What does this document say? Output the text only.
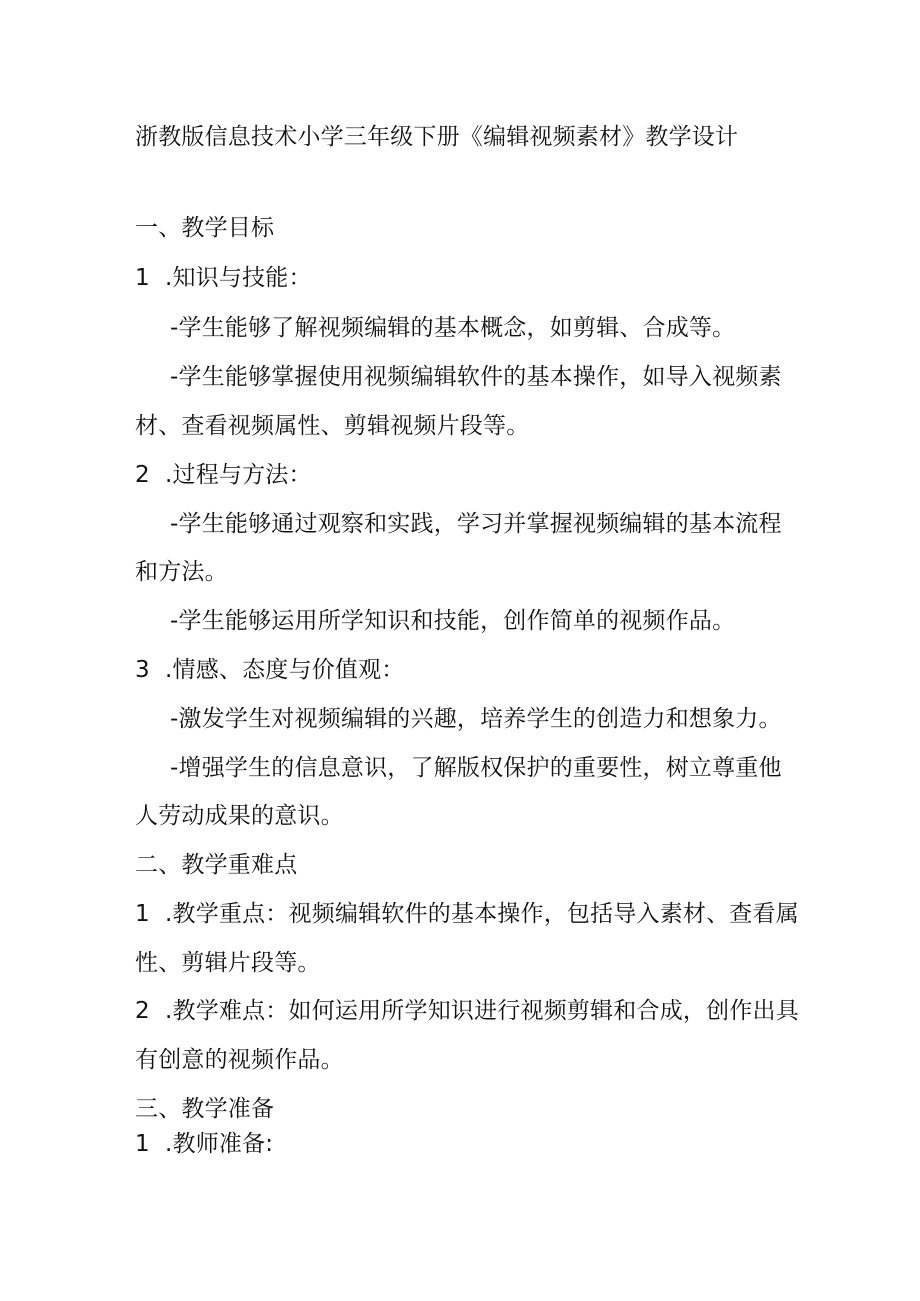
浙教版信息技术小学三年级下册《编辑视频素材》教学设计
一、教学目标
1 .知识与技能：
-学生能够了解视频编辑的基本概念，如剪辑、合成等。
-学生能够掌握使用视频编辑软件的基本操作，如导入视频素
材、查看视频属性、剪辑视频片段等。
2 .过程与方法：
-学生能够通过观察和实践，学习并掌握视频编辑的基本流程
和方法。
-学生能够运用所学知识和技能，创作简单的视频作品。
3 .情感、态度与价值观：
-激发学生对视频编辑的兴趣，培养学生的创造力和想象力。
-增强学生的信息意识，了解版权保护的重要性，树立尊重他
人劳动成果的意识。
二、教学重难点
1 .教学重点：视频编辑软件的基本操作，包括导入素材、查看属
性、剪辑片段等。
2 .教学难点：如何运用所学知识进行视频剪辑和合成，创作出具
有创意的视频作品。
三、教学准备
1 .教师准备:
